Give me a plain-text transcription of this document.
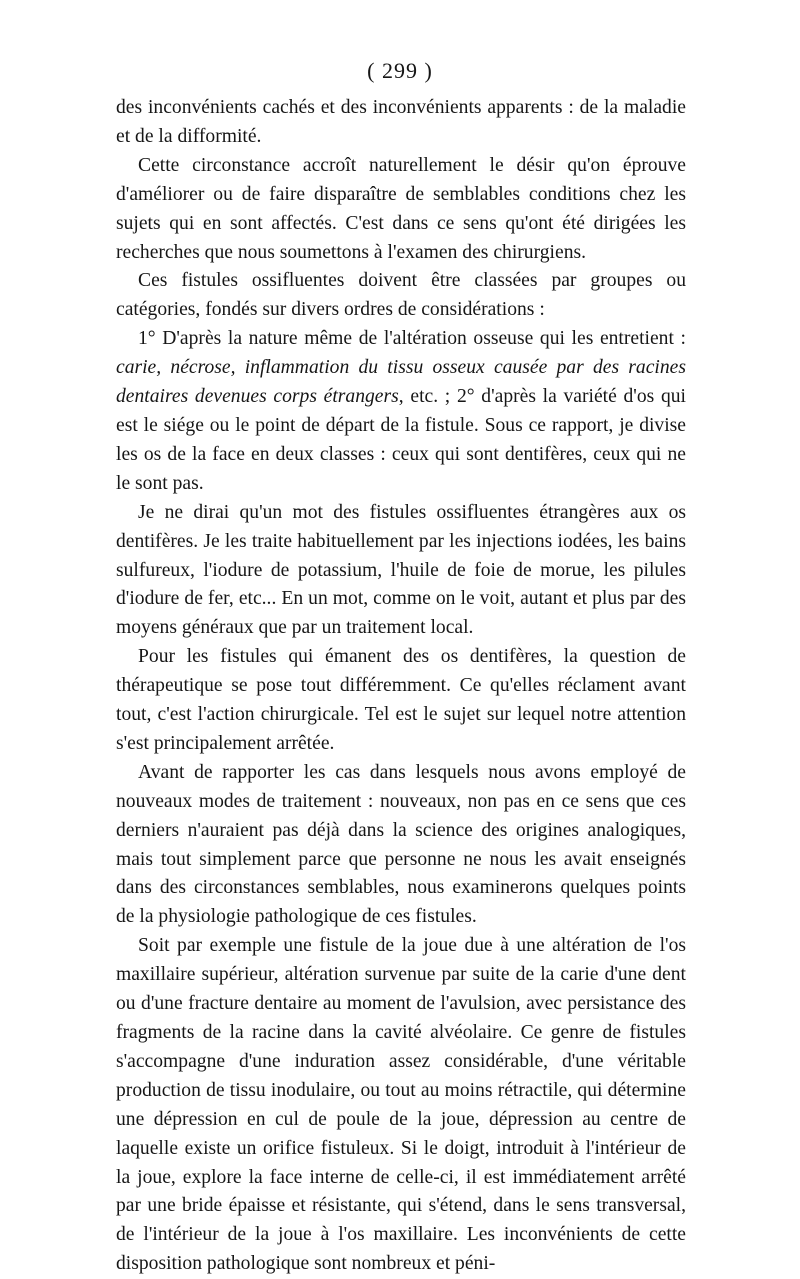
( 299 )

des inconvénients cachés et des inconvénients apparents : de la maladie et de la difformité.

Cette circonstance accroît naturellement le désir qu'on éprouve d'améliorer ou de faire disparaître de semblables conditions chez les sujets qui en sont affectés. C'est dans ce sens qu'ont été dirigées les recherches que nous soumettons à l'examen des chirurgiens.

Ces fistules ossifluentes doivent être classées par groupes ou catégories, fondés sur divers ordres de considérations :

1° D'après la nature même de l'altération osseuse qui les entretient : carie, nécrose, inflammation du tissu osseux causée par des racines dentaires devenues corps étrangers, etc. ; 2° d'après la variété d'os qui est le siége ou le point de départ de la fistule. Sous ce rapport, je divise les os de la face en deux classes : ceux qui sont dentifères, ceux qui ne le sont pas.

Je ne dirai qu'un mot des fistules ossifluentes étrangères aux os dentifères. Je les traite habituellement par les injections iodées, les bains sulfureux, l'iodure de potassium, l'huile de foie de morue, les pilules d'iodure de fer, etc... En un mot, comme on le voit, autant et plus par des moyens généraux que par un traitement local.

Pour les fistules qui émanent des os dentifères, la question de thérapeutique se pose tout différemment. Ce qu'elles réclament avant tout, c'est l'action chirurgicale. Tel est le sujet sur lequel notre attention s'est principalement arrêtée.

Avant de rapporter les cas dans lesquels nous avons employé de nouveaux modes de traitement : nouveaux, non pas en ce sens que ces derniers n'auraient pas déjà dans la science des origines analogiques, mais tout simplement parce que personne ne nous les avait enseignés dans des circonstances semblables, nous examinerons quelques points de la physiologie pathologique de ces fistules.

Soit par exemple une fistule de la joue due à une altération de l'os maxillaire supérieur, altération survenue par suite de la carie d'une dent ou d'une fracture dentaire au moment de l'avulsion, avec persistance des fragments de la racine dans la cavité alvéolaire. Ce genre de fistules s'accompagne d'une induration assez considérable, d'une véritable production de tissu inodulaire, ou tout au moins rétractile, qui détermine une dépression en cul de poule de la joue, dépression au centre de laquelle existe un orifice fistuleux. Si le doigt, introduit à l'intérieur de la joue, explore la face interne de celle-ci, il est immédiatement arrêté par une bride épaisse et résistante, qui s'étend, dans le sens transversal, de l'intérieur de la joue à l'os maxillaire. Les inconvénients de cette disposition pathologique sont nombreux et péni-
